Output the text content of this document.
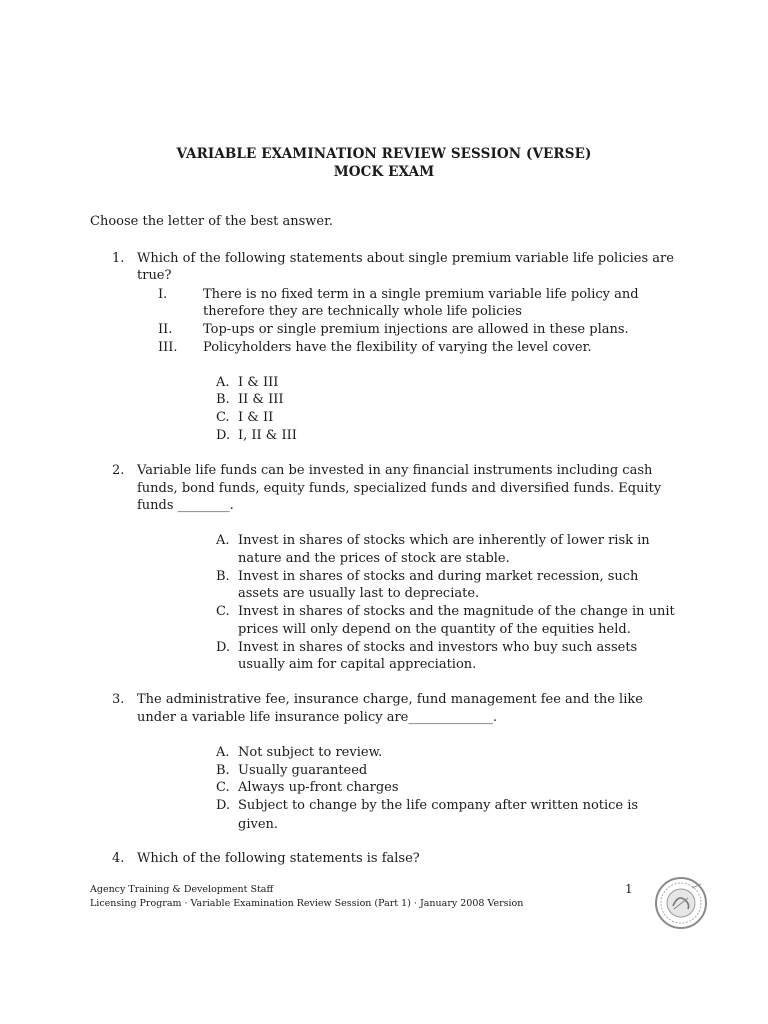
VARIABLE EXAMINATION REVIEW SESSION (VERSE)
MOCK EXAM
Choose the letter of the best answer.
1. Which of the following statements about single premium variable life policies are
true?
I.	There is no fixed term in a single premium variable life policy and
therefore they are technically whole life policies
II. Top-ups or single premium injections are allowed in these plans.
III. Policyholders have the flexibility of varying the level cover.
A. I & III
B. II & III
C. I & II
D. I, II & III
2. Variable life funds can be invested in any financial instruments including cash
funds, bond funds, equity funds, specialized funds and diversified funds. Equity
funds ________.
A. Invest in shares of stocks which are inherently of lower risk in
nature and the prices of stock are stable.
B. Invest in shares of stocks and during market recession, such
assets are usually last to depreciate.
C. Invest in shares of stocks and the magnitude of the change in unit
prices will only depend on the quantity of the equities held.
D. Invest in shares of stocks and investors who buy such assets
usually aim for capital appreciation.
3. The administrative fee, insurance charge, fund management fee and the like
under a variable life insurance policy are_____________.
A. Not subject to review.
B. Usually guaranteed
C. Always up-front charges
D. Subject to change by the life company after written notice is
given.
4. Which of the following statements is false?
Agency Training & Development Staff
Licensing Program · Variable Examination Review Session (Part 1) · January 2008 Version
1
